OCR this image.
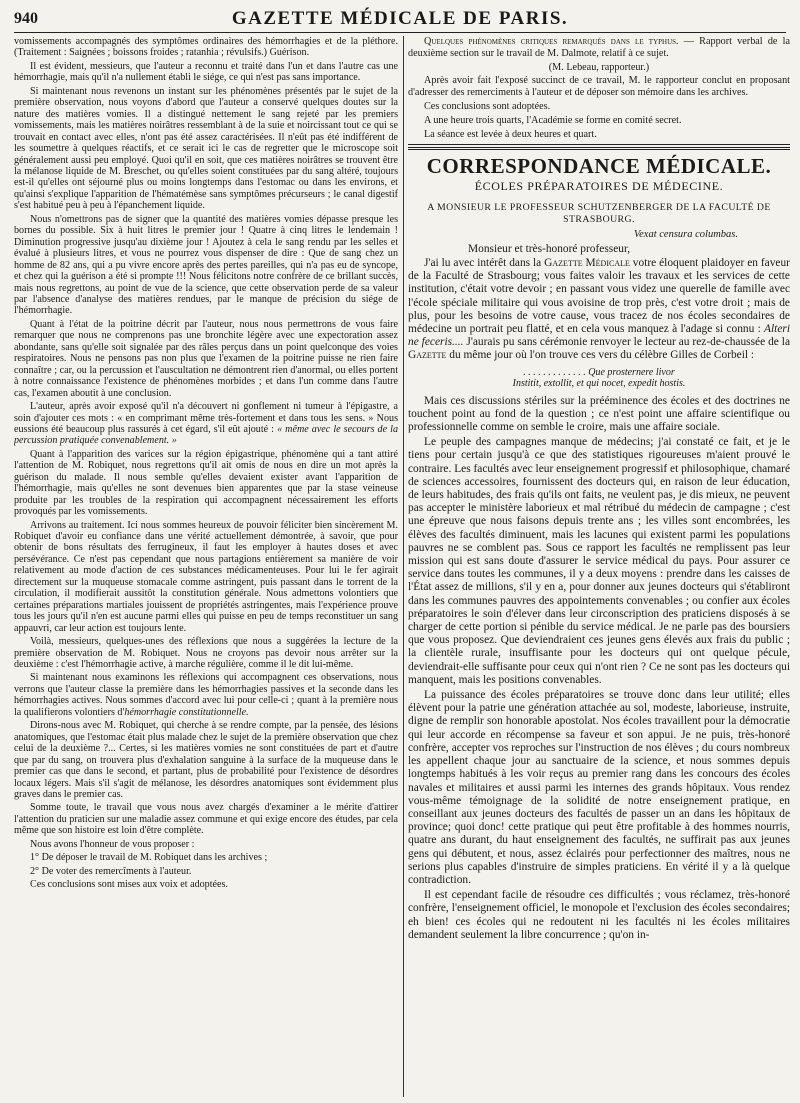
940	GAZETTE MÉDICALE DE PARIS.

vomissements accompagnés des symptômes ordinaires des hémorrhagies et de la pléthore. (Traitement : Saignées ; boissons froides ; ratanhia ; révulsifs.) Guérison.

Il est évident, messieurs, que l'auteur a reconnu et traité dans l'un et dans l'autre cas une hémorrhagie, mais qu'il n'a nullement établi le siége, ce qui n'est pas sans importance.

Si maintenant nous revenons un instant sur les phénomènes présentés par le sujet de la première observation, nous voyons d'abord que l'auteur a conservé quelques doutes sur la nature des matières vomies. Il a distingué nettement le sang rejeté par les premiers vomissements, mais les matières noirâtres ressemblant à de la suie et noircissant tout ce qui se trouvait en contact avec elles, n'ont pas été assez caractérisées. Il n'eût pas été indifférent de les soumettre à quelques réactifs, et ce serait ici le cas de regretter que le microscope soit généralement aussi peu employé. Quoi qu'il en soit, que ces matières noirâtres se trouvent être la mélanose liquide de M. Breschet, ou qu'elles soient constituées par du sang altéré, toujours est-il qu'elles ont séjourné plus ou moins longtemps dans l'estomac ou dans les environs, et qu'ainsi s'explique l'apparition de l'hématémèse sans symptômes précurseurs ; le canal digestif s'est habitué peu à peu à l'épanchement liquide.

Nous n'omettrons pas de signer que la quantité des matières vomies dépasse presque les bornes du possible. Six à huit litres le premier jour ! Quatre à cinq litres le lendemain ! Diminution progressive jusqu'au dixième jour ! Ajoutez à cela le sang rendu par les selles et évalué à plusieurs litres, et vous ne pourrez vous dispenser de dire : Que de sang chez un homme de 82 ans, qui a pu vivre encore après des pertes pareilles, qui n'a pas eu de syncope, et chez qui la guérison a été si prompte !!! Nous félicitons notre confrère de ce brillant succès, mais nous regrettons, au point de vue de la science, que cette observation perde de sa valeur par l'absence d'analyse des matières rendues, par le manque de précision du siége de l'hémorrhagie.

Quant à l'état de la poitrine décrit par l'auteur, nous nous permettrons de vous faire remarquer que nous ne comprenons pas une bronchite légère avec une expectoration assez abondante, sans qu'elle soit signalée par des râles perçus dans un point quelconque des voies respiratoires. Nous ne pensons pas non plus que l'examen de la poitrine puisse ne rien faire connaître ; car, ou la percussion et l'auscultation ne démontrent rien d'anormal, ou elles portent à notre connaissance l'existence de phénomènes morbides ; et dans l'un comme dans l'autre cas, l'examen aboutit à une conclusion.

L'auteur, après avoir exposé qu'il n'a découvert ni gonflement ni tumeur à l'épigastre, a soin d'ajouter ces mots : « en comprimant même très-fortement et dans tous les sens. » Nous eussions été beaucoup plus rassurés à cet égard, s'il eût ajouté : « même avec le secours de la percussion pratiquée convenablement. »

Quant à l'apparition des varices sur la région épigastrique, phénomène qui a tant attiré l'attention de M. Robiquet, nous regrettons qu'il ait omis de nous en dire un mot après la guérison du malade. Il nous semble qu'elles devaient exister avant l'apparition de l'hémorrhagie, mais qu'elles ne sont devenues bien apparentes que par la stase veineuse produite par les troubles de la respiration qui accompagnent nécessairement les efforts provoqués par les vomissements.

Arrivons au traitement. Ici nous sommes heureux de pouvoir féliciter bien sincèrement M. Robiquet d'avoir eu confiance dans une vérité actuellement démontrée, à savoir, que pour obtenir de bons résultats des ferrugineux, il faut les employer à hautes doses et avec persévérance. Ce n'est pas cependant que nous partagions entièrement sa manière de voir relativement au mode d'action de ces substances médicamenteuses. Pour lui le fer agirait directement sur la muqueuse stomacale comme astringent, puis passant dans le torrent de la circulation, il modifierait aussitôt la constitution générale. Nous admettons volontiers que certaines préparations martiales jouissent de propriétés astringentes, mais l'expérience prouve tous les jours qu'il n'en est aucune parmi elles qui puisse en peu de temps reconstituer un sang appauvri, car leur action est toujours lente.

Voilà, messieurs, quelques-unes des réflexions que nous a suggérées la lecture de la première observation de M. Robiquet. Nous ne croyons pas devoir nous arrêter sur la deuxième : c'est l'hémorrhagie active, à marche régulière, comme il le dit lui-même.

Si maintenant nous examinons les réflexions qui accompagnent ces observations, nous verrons que l'auteur classe la première dans les hémorrhagies passives et la seconde dans les hémorrhagies actives. Nous sommes d'accord avec lui pour celle-ci ; quant à la première nous la qualifierons volontiers d'hémorrhagie constitutionnelle.

Dirons-nous avec M. Robiquet, qui cherche à se rendre compte, par la pensée, des lésions anatomiques, que l'estomac était plus malade chez le sujet de la première observation que chez celui de la deuxième ?... Certes, si les matières vomies ne sont constituées de part et d'autre que par du sang, on trouvera plus d'exhalation sanguine à la surface de la muqueuse dans le premier cas que dans le second, et partant, plus de probabilité pour l'existence de désordres locaux légers. Mais s'il s'agit de mélanose, les désordres anatomiques sont évidemment plus graves dans le premier cas.

Somme toute, le travail que vous nous avez chargés d'examiner a le mérite d'attirer l'attention du praticien sur une maladie assez commune et qui exige encore des études, par cela même que son histoire est loin d'être complète.

Nous avons l'honneur de vous proposer :

1° De déposer le travail de M. Robiquet dans les archives ;

2° De voter des remercîments à l'auteur.

Ces conclusions sont mises aux voix et adoptées.

Quelques phénomènes critiques remarqués dans le typhus. — Rapport verbal de la deuxième section sur le travail de M. Dalmote, relatif à ce sujet.

(M. Lebeau, rapporteur.)

Après avoir fait l'exposé succinct de ce travail, M. le rapporteur conclut en proposant d'adresser des remerciments à l'auteur et de déposer son mémoire dans les archives.

Ces conclusions sont adoptées.

A une heure trois quarts, l'Académie se forme en comité secret.

La séance est levée à deux heures et quart.

CORRESPONDANCE MÉDICALE.
ÉCOLES PRÉPARATOIRES DE MÉDECINE.
A MONSIEUR LE PROFESSEUR SCHUTZENBERGER DE LA FACULTÉ DE STRASBOURG.
Vexat censura columbas.

Monsieur et très-honoré professeur,

J'ai lu avec intérêt dans la Gazette Médicale votre éloquent plaidoyer en faveur de la Faculté de Strasbourg; vous faites valoir les travaux et les services de cette institution, c'était votre devoir ; en passant vous videz une querelle de famille avec l'école spéciale militaire qui vous avoisine de trop près, c'est votre droit ; mais de plus, pour les besoins de votre cause, vous tracez de nos écoles secondaires de médecine un portrait peu flatté, et en cela vous manquez à l'adage si connu : Alteri ne feceris.... J'aurais pu sans cérémonie renvoyer le lecteur au rez-de-chaussée de la Gazette du même jour où l'on trouve ces vers du célèbre Gilles de Corbeil :

. . . . . . . . . . . . . Que prosternere livor
Institit, extollit, et qui nocet, expedit hostis.

Mais ces discussions stériles sur la prééminence des écoles et des doctrines ne touchent point au fond de la question ; ce n'est point une affaire scientifique ou professionnelle comme on semble le croire, mais une affaire sociale.

Le peuple des campagnes manque de médecins; j'ai constaté ce fait, et je le tiens pour certain jusqu'à ce que des statistiques rigoureuses m'aient prouvé le contraire. Les facultés avec leur enseignement progressif et philosophique, chamaré de sciences accessoires, fournissent des docteurs qui, en raison de leur éducation, de leurs habitudes, des frais qu'ils ont faits, ne veulent pas, je dis mieux, ne peuvent pas accepter le ministère laborieux et mal rétribué du médecin de campagne ; c'est une épreuve que nous faisons depuis trente ans ; les villes sont encombrées, les élèves des facultés diminuent, mais les lacunes qui existent parmi les populations pauvres ne se comblent pas. Sous ce rapport les facultés ne remplissent pas leur mission qui est sans doute d'assurer le service médical du pays. Pour assurer ce service dans toutes les communes, il y a deux moyens : prendre dans les caisses de l'État assez de millions, s'il y en a, pour donner aux jeunes docteurs qui s'établiront dans les communes pauvres des appointements convenables ; ou confier aux écoles préparatoires le soin d'élever dans leur circonscription des praticiens disposés à se charger de cette portion si pénible du service médical. Je ne parle pas des boursiers que vous proposez. Que deviendraient ces jeunes gens élevés aux frais du public ; la clientèle rurale, insuffisante pour les docteurs qui ont quelque pécule, deviendrait-elle suffisante pour ceux qui n'ont rien ? Ce ne sont pas les docteurs qui manquent, mais les positions convenables.

La puissance des écoles préparatoires se trouve donc dans leur utilité; elles élèvent pour la patrie une génération attachée au sol, modeste, laborieuse, instruite, digne de remplir son honorable apostolat. Nos écoles travaillent pour la démocratie qui leur accorde en récompense sa faveur et son appui. Je ne puis, très-honoré confrère, accepter vos reproches sur l'instruction de nos élèves ; du cours nombreux les appellent chaque jour au sanctuaire de la science, et nous sommes depuis longtemps habitués à les voir reçus au premier rang dans les concours des écoles navales et militaires et aussi parmi les internes des grands hôpitaux. Vous rendez vous-même témoignage de la solidité de notre enseignement pratique, en conseillant aux jeunes docteurs des facultés de passer un an dans les hôpitaux de province; quoi donc! cette pratique qui peut être profitable à des hommes nourris, quatre ans durant, du haut enseignement des facultés, ne suffirait pas aux jeunes gens qui débutent, et nous, assez éclairés pour perfectionner des maîtres, nous ne serions plus capables d'instruire de simples praticiens. En vérité il y a là quelque contradiction.

Il est cependant facile de résoudre ces difficultés ; vous réclamez, très-honoré confrère, l'enseignement officiel, le monopole et l'exclusion des écoles secondaires; eh bien! ces écoles qui ne redoutent ni les facultés ni les écoles militaires demandent seulement la libre concurrence ; qu'on in-
